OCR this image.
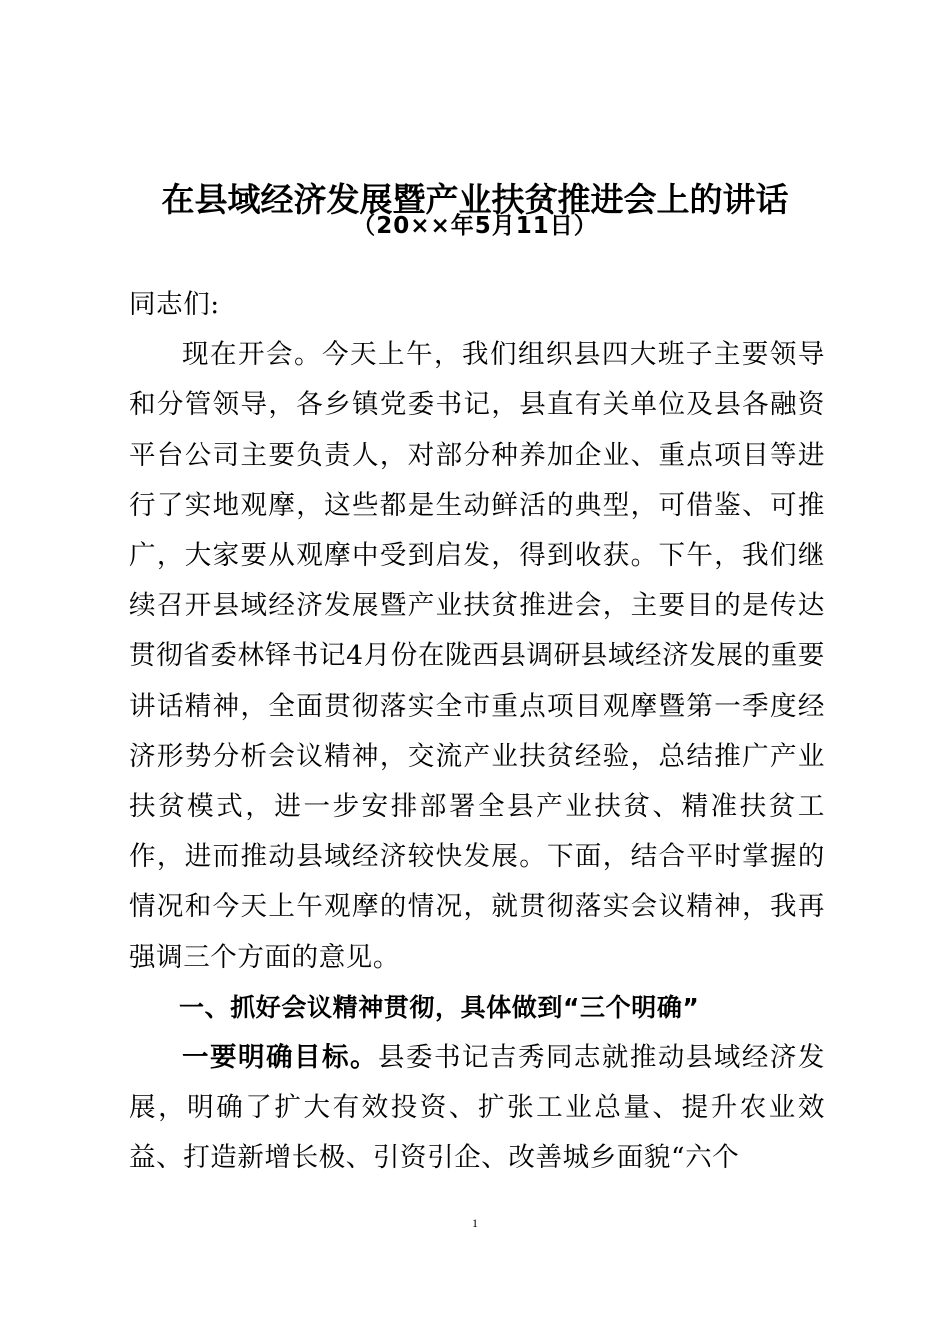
在县域经济发展暨产业扶贫推进会上的讲话
（20××年5月11日）

同志们:

现在开会。今天上午，我们组织县四大班子主要领导和分管领导，各乡镇党委书记，县直有关单位及县各融资平台公司主要负责人，对部分种养加企业、重点项目等进行了实地观摩，这些都是生动鲜活的典型，可借鉴、可推广，大家要从观摩中受到启发，得到收获。下午，我们继续召开县域经济发展暨产业扶贫推进会，主要目的是传达贯彻省委林铎书记4月份在陇西县调研县域经济发展的重要讲话精神，全面贯彻落实全市重点项目观摩暨第一季度经济形势分析会议精神，交流产业扶贫经验，总结推广产业扶贫模式，进一步安排部署全县产业扶贫、精准扶贫工作，进而推动县域经济较快发展。下面，结合平时掌握的情况和今天上午观摩的情况，就贯彻落实会议精神，我再强调三个方面的意见。

一、抓好会议精神贯彻，具体做到“三个明确”

一要明确目标。县委书记吉秀同志就推动县域经济发展，明确了扩大有效投资、扩张工业总量、提升农业效益、打造新增长极、引资引企、改善城乡面貌“六个

1
